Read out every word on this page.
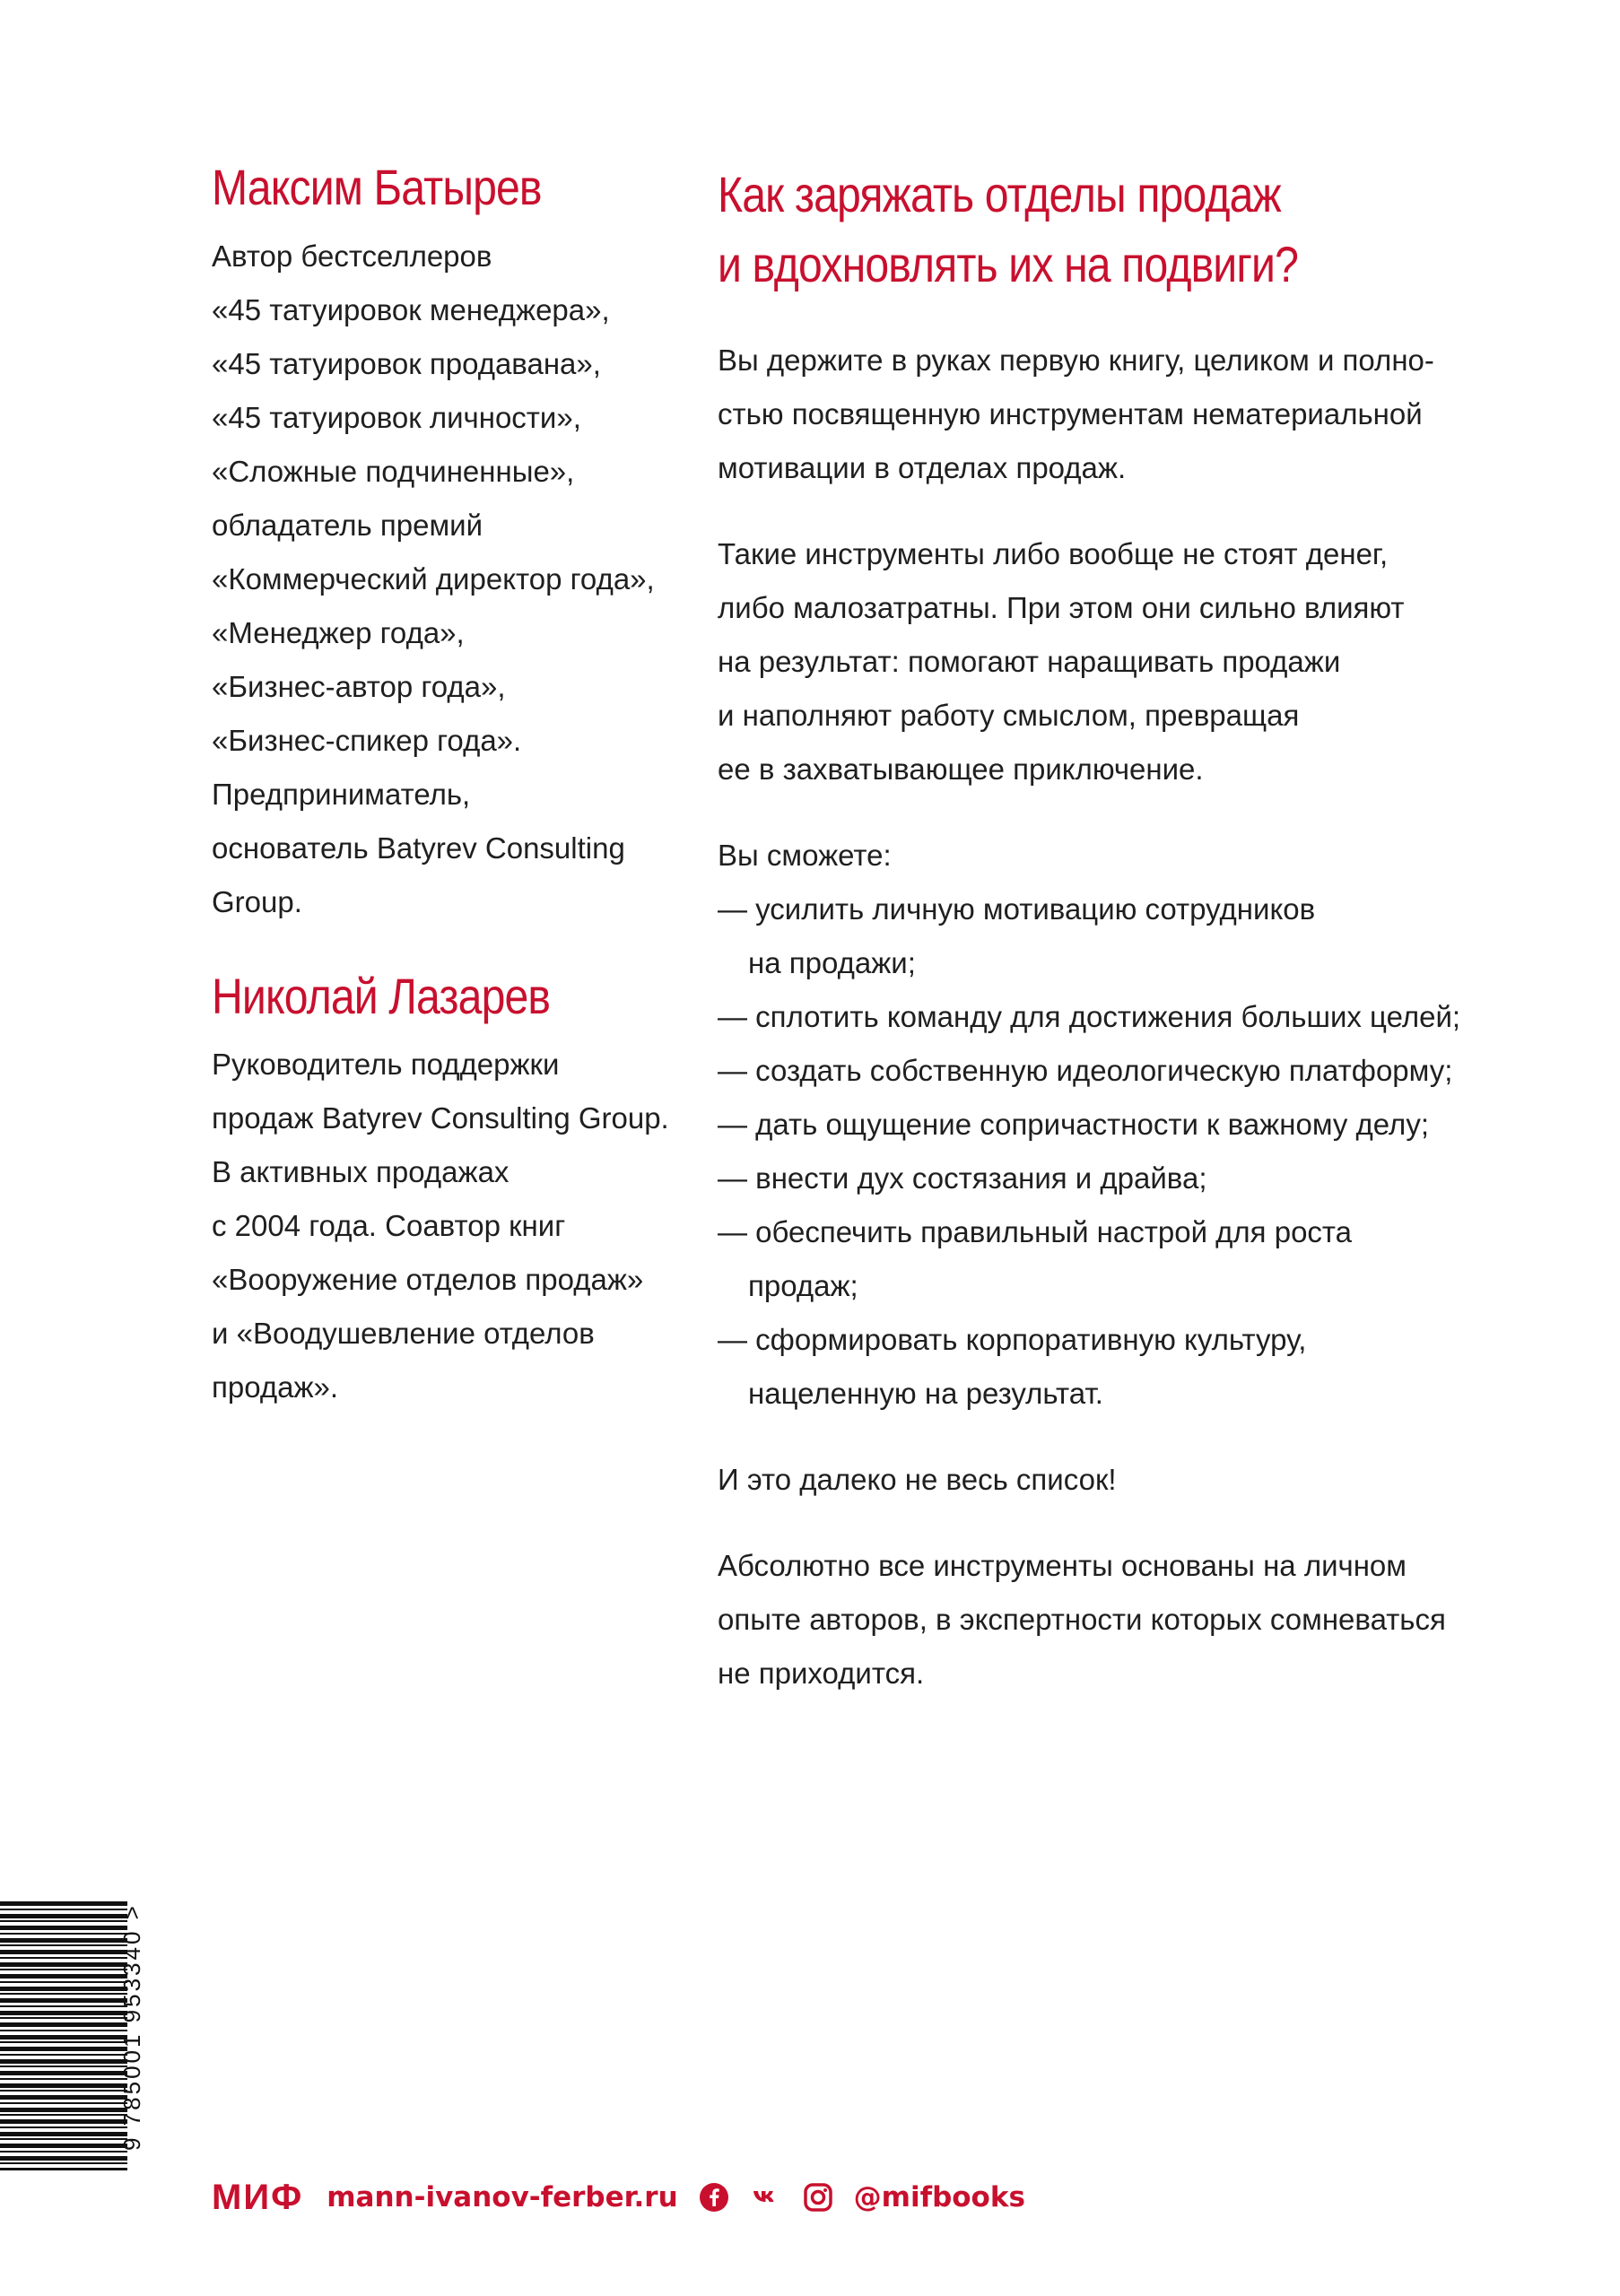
Максим Батырев
Автор бестселлеров
«45 татуировок менеджера»,
«45 татуировок продавана»,
«45 татуировок личности»,
«Сложные подчиненные»,
обладатель премий
«Коммерческий директор года»,
«Менеджер года»,
«Бизнес-автор года»,
«Бизнес-спикер года».
Предприниматель,
основатель Batyrev Consulting
Group.
Николай Лазарев
Руководитель поддержки
продаж Batyrev Consulting Group.
В активных продажах
с 2004 года. Соавтор книг
«Вооружение отделов продаж»
и «Воодушевление отделов
продаж».
Как заряжать отделы продаж
и вдохновлять их на подвиги?
Вы держите в руках первую книгу, целиком и полно-
стью посвященную инструментам нематериальной
мотивации в отделах продаж.
Такие инструменты либо вообще не стоят денег,
либо малозатратны. При этом они сильно влияют
на результат: помогают наращивать продажи
и наполняют работу смыслом, превращая
ее в захватывающее приключение.
Вы сможете:
— усилить личную мотивацию сотрудников
на продажи;
— сплотить команду для достижения больших целей;
— создать собственную идеологическую платформу;
— дать ощущение сопричастности к важному делу;
— внести дух состязания и драйва;
— обеспечить правильный настрой для роста
продаж;
— сформировать корпоративную культуру,
нацеленную на результат.
И это далеко не весь список!
Абсолютно все инструменты основаны на личном
опыте авторов, в экспертности которых сомневаться
не приходится.
9 785001 953340 >
МИФ mann-ivanov-ferber.ru	@mifbooks
